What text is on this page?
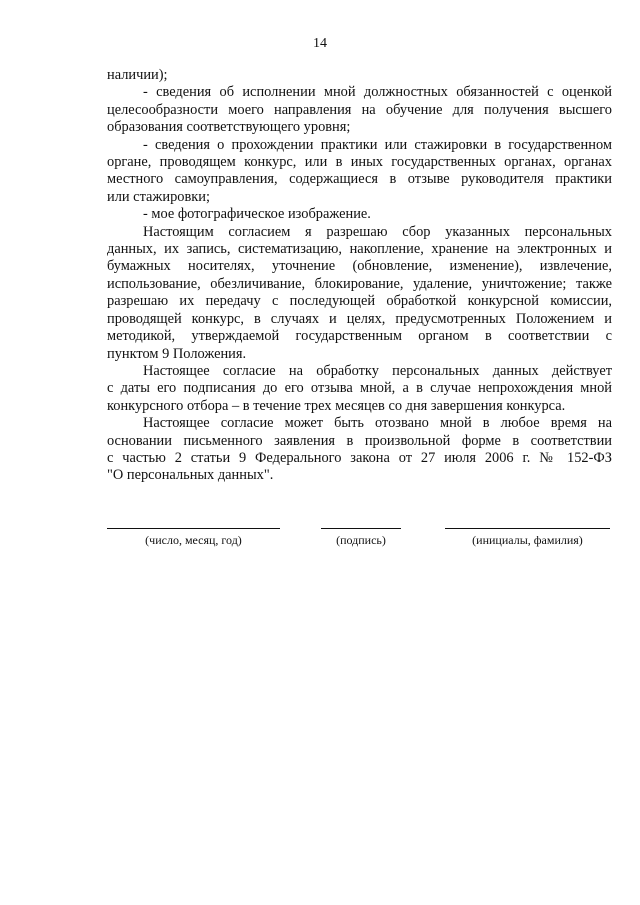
14
наличии);
- сведения об исполнении мной должностных обязанностей с оценкой
целесообразности моего направления на обучение для получения высшего
образования соответствующего уровня;
- сведения о прохождении практики или стажировки в государственном
органе, проводящем конкурс, или в иных государственных органах, органах
местного самоуправления, содержащиеся в отзыве руководителя практики
или стажировки;
- мое фотографическое изображение.
Настоящим согласием я разрешаю сбор указанных персональных
данных, их запись, систематизацию, накопление, хранение на электронных и
бумажных носителях, уточнение (обновление, изменение), извлечение,
использование, обезличивание, блокирование, удаление, уничтожение; также
разрешаю их передачу с последующей обработкой конкурсной комиссии,
проводящей конкурс, в случаях и целях, предусмотренных Положением и
методикой, утверждаемой государственным органом в соответствии с
пунктом 9 Положения.
Настоящее согласие на обработку персональных данных действует
с даты его подписания до его отзыва мной, а в случае непрохождения мной
конкурсного отбора – в течение трех месяцев со дня завершения конкурса.
Настоящее согласие может быть отозвано мной в любое время на
основании письменного заявления в произвольной форме в соответствии
с частью 2 статьи 9 Федерального закона от 27 июля 2006 г. № 152-ФЗ
"О персональных данных".
(число, месяц, год)	(подпись)	(инициалы, фамилия)
